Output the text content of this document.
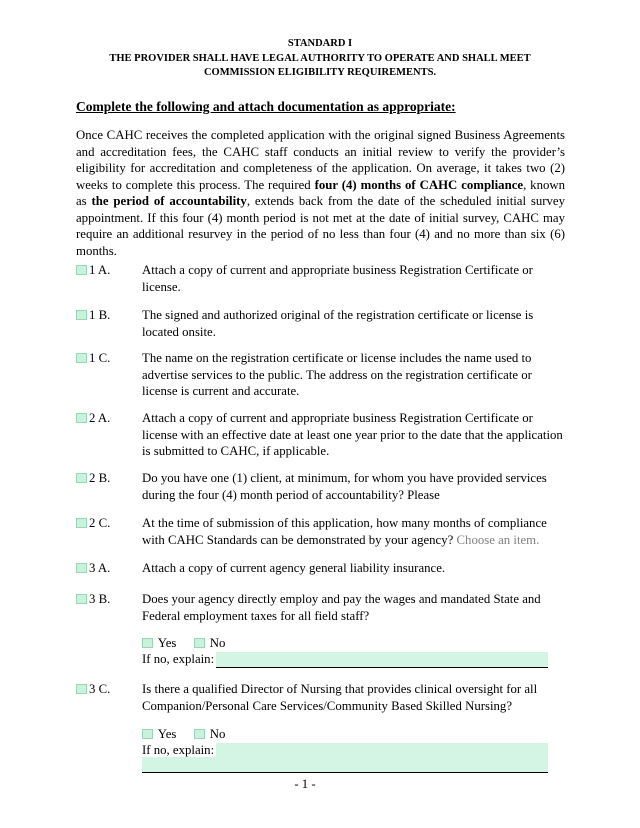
STANDARD I
THE PROVIDER SHALL HAVE LEGAL AUTHORITY TO OPERATE AND SHALL MEET
COMMISSION ELIGIBILITY REQUIREMENTS.
Complete the following and attach documentation as appropriate:

Once CAHC receives the completed application with the original signed Business Agreements and accreditation fees, the CAHC staff conducts an initial review to verify the provider’s eligibility for accreditation and completeness of the application. On average, it takes two (2) weeks to complete this process. The required four (4) months of CAHC compliance, known as the period of accountability, extends back from the date of the scheduled initial survey appointment. If this four (4) month period is not met at the date of initial survey, CAHC may require an additional resurvey in the period of no less than four (4) and no more than six (6) months.

1 A.	Attach a copy of current and appropriate business Registration Certificate or license.
1 B.	The signed and authorized original of the registration certificate or license is located onsite.
1 C.	The name on the registration certificate or license includes the name used to advertise services to the public. The address on the registration certificate or license is current and accurate.
2 A.	Attach a copy of current and appropriate business Registration Certificate or license with an effective date at least one year prior to the date that the application is submitted to CAHC, if applicable.
2 B.	Do you have one (1) client, at minimum, for whom you have provided services during the four (4) month period of accountability? Please
2 C.	At the time of submission of this application, how many months of compliance with CAHC Standards can be demonstrated by your agency? Choose an item.
3 A.	Attach a copy of current agency general liability insurance.
3 B.	Does your agency directly employ and pay the wages and mandated State and Federal employment taxes for all field staff?
Yes	No
If no, explain:
3 C.	Is there a qualified Director of Nursing that provides clinical oversight for all Companion/Personal Care Services/Community Based Skilled Nursing?
Yes	No
If no, explain:
- 1 -
